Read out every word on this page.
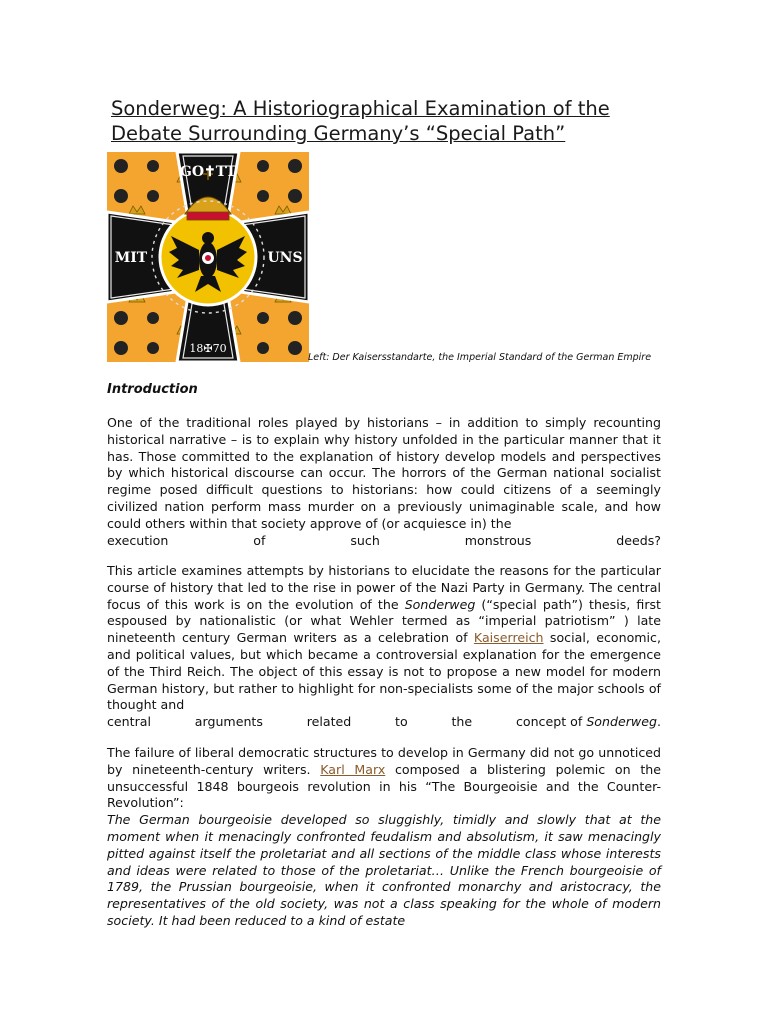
Sonderweg: A Historiographical Examination of the
Debate Surrounding Germany’s “Special Path”
GO✝TT
MIT	UNS
18✠70
Left: Der Kaisersstandarte, the Imperial Standard of the German Empire
Introduction
One of the traditional roles played by historians – in addition to simply recounting historical narrative – is to explain why history unfolded in the particular manner that it has. Those committed to the explanation of history develop models and perspectives by which historical discourse can occur. The horrors of the German national socialist regime posed difficult questions to historians: how could citizens of a seemingly civilized nation perform mass murder on a previously unimaginable scale, and how could others within that society approve of (or acquiesce in) the
execution	of	such	monstrous	deeds?
This article examines attempts by historians to elucidate the reasons for the particular course of history that led to the rise in power of the Nazi Party in Germany. The central focus of this work is on the evolution of the Sonderweg (“special path”) thesis, first espoused by nationalistic (or what Wehler termed as “imperial patriotism” ) late nineteenth century German writers as a celebration of Kaiserreich social, economic, and political values, but which became a controversial explanation for the emergence of the Third Reich. The object of this essay is not to propose a new model for modern German history, but rather to highlight for non-specialists some of the major schools of thought and
central	arguments	related	to	the	concept of Sonderweg.
The failure of liberal democratic structures to develop in Germany did not go unnoticed by nineteenth-century writers. Karl Marx composed a blistering polemic on the unsuccessful 1848 bourgeois revolution in his “The Bourgeoisie and the Counter-Revolution”:
The German bourgeoisie developed so sluggishly, timidly and slowly that at the moment when it menacingly confronted feudalism and absolutism, it saw menacingly pitted against itself the proletariat and all sections of the middle class whose interests and ideas were related to those of the proletariat… Unlike the French bourgeoisie of 1789, the Prussian bourgeoisie, when it confronted monarchy and aristocracy, the representatives of the old society, was not a class speaking for the whole of modern society. It had been reduced to a kind of estate
